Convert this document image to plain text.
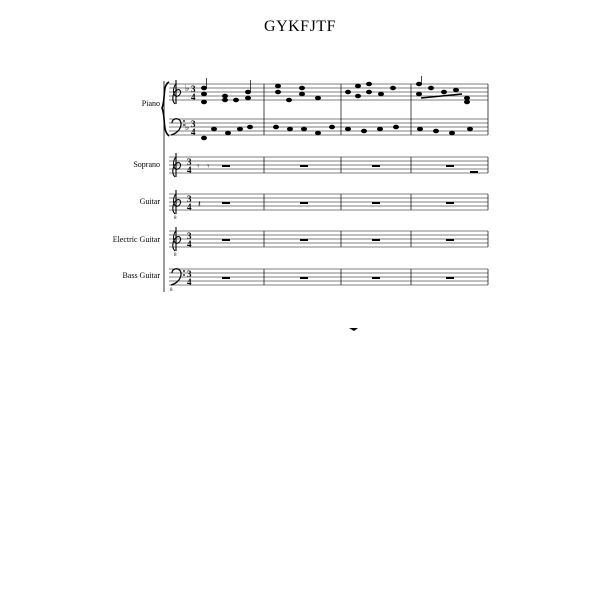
GYKFJTF
Piano
Soprano
Guitar
Electric Guitar
Bass Guitar
♭
♭
3
4
3
4
3
4
3
4
3
4
3
4
8
8
8
𝄾 𝄾
𝄽
